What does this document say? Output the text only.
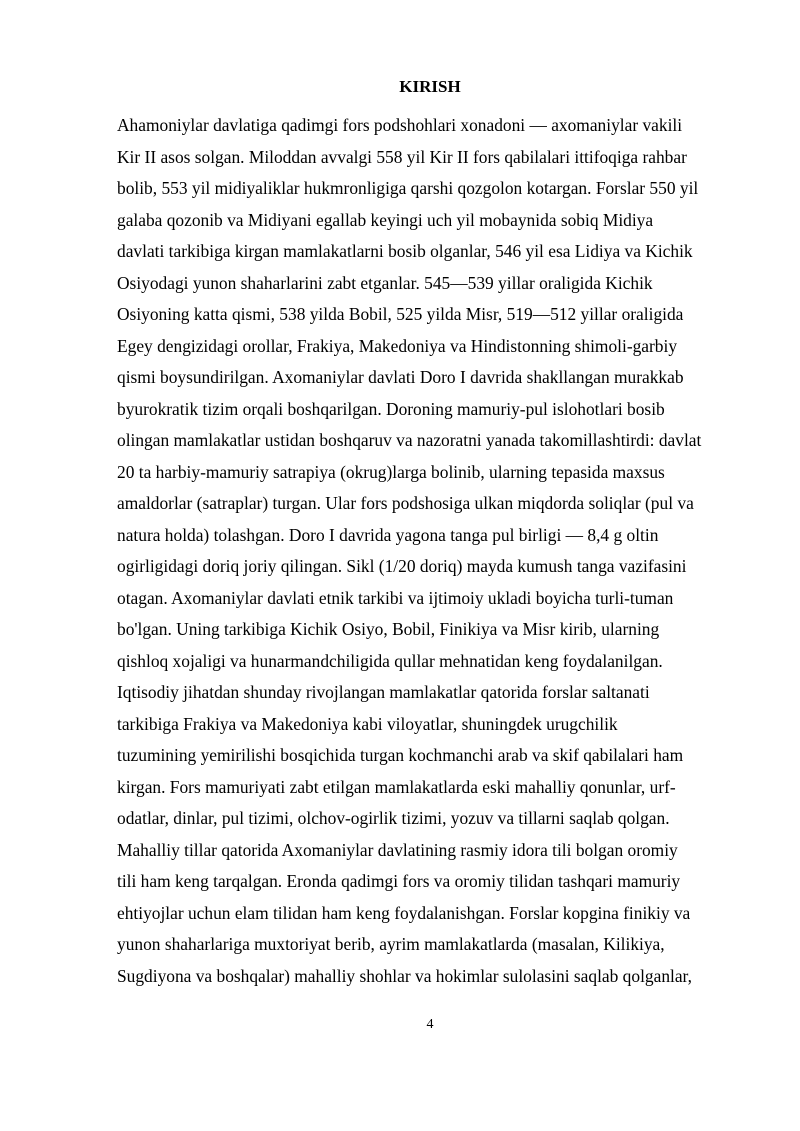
KIRISH
Ahamoniylar davlatiga qadimgi fors podshohlari xonadoni — axomaniylar vakili
Kir II asos solgan. Miloddan avvalgi 558 yil Kir II fors qabilalari ittifoqiga rahbar
bolib, 553 yil midiyaliklar hukmronligiga qarshi qozgolon kotargan. Forslar 550 yil
galaba qozonib va Midiyani egallab keyingi uch yil mobaynida sobiq Midiya
davlati tarkibiga kirgan mamlakatlarni bosib olganlar, 546 yil esa Lidiya va Kichik
Osiyodagi yunon shaharlarini zabt etganlar. 545—539 yillar oraligida Kichik
Osiyoning katta qismi, 538 yilda Bobil, 525 yilda Misr, 519—512 yillar oraligida
Egey dengizidagi orollar, Frakiya, Makedoniya va Hindistonning shimoli-garbiy
qismi boysundirilgan. Axomaniylar davlati Doro I davrida shakllangan murakkab
byurokratik tizim orqali boshqarilgan. Doroning mamuriy-pul islohotlari bosib
olingan mamlakatlar ustidan boshqaruv va nazoratni yanada takomillashtirdi: davlat
20 ta harbiy-mamuriy satrapiya (okrug)larga bolinib, ularning tepasida maxsus
amaldorlar (satraplar) turgan. Ular fors podshosiga ulkan miqdorda soliqlar (pul va
natura holda) tolashgan. Doro I davrida yagona tanga pul birligi — 8,4 g oltin
ogirligidagi doriq joriy qilingan. Sikl (1/20 doriq) mayda kumush tanga vazifasini
otagan. Axomaniylar davlati etnik tarkibi va ijtimoiy ukladi boyicha turli-tuman
bo'lgan. Uning tarkibiga Kichik Osiyo, Bobil, Finikiya va Misr kirib, ularning
qishloq xojaligi va hunarmandchiligida qullar mehnatidan keng foydalanilgan.
Iqtisodiy jihatdan shunday rivojlangan mamlakatlar qatorida forslar saltanati
tarkibiga Frakiya va Makedoniya kabi viloyatlar, shuningdek urugchilik
tuzumining yemirilishi bosqichida turgan kochmanchi arab va skif qabilalari ham
kirgan. Fors mamuriyati zabt etilgan mamlakatlarda eski mahalliy qonunlar, urf-
odatlar, dinlar, pul tizimi, olchov-ogirlik tizimi, yozuv va tillarni saqlab qolgan.
Mahalliy tillar qatorida Axomaniylar davlatining rasmiy idora tili bolgan oromiy
tili ham keng tarqalgan. Eronda qadimgi fors va oromiy tilidan tashqari mamuriy
ehtiyojlar uchun elam tilidan ham keng foydalanishgan. Forslar kopgina finikiy va
yunon shaharlariga muxtoriyat berib, ayrim mamlakatlarda (masalan, Kilikiya,
Sugdiyona va boshqalar) mahalliy shohlar va hokimlar sulolasini saqlab qolganlar,
4
